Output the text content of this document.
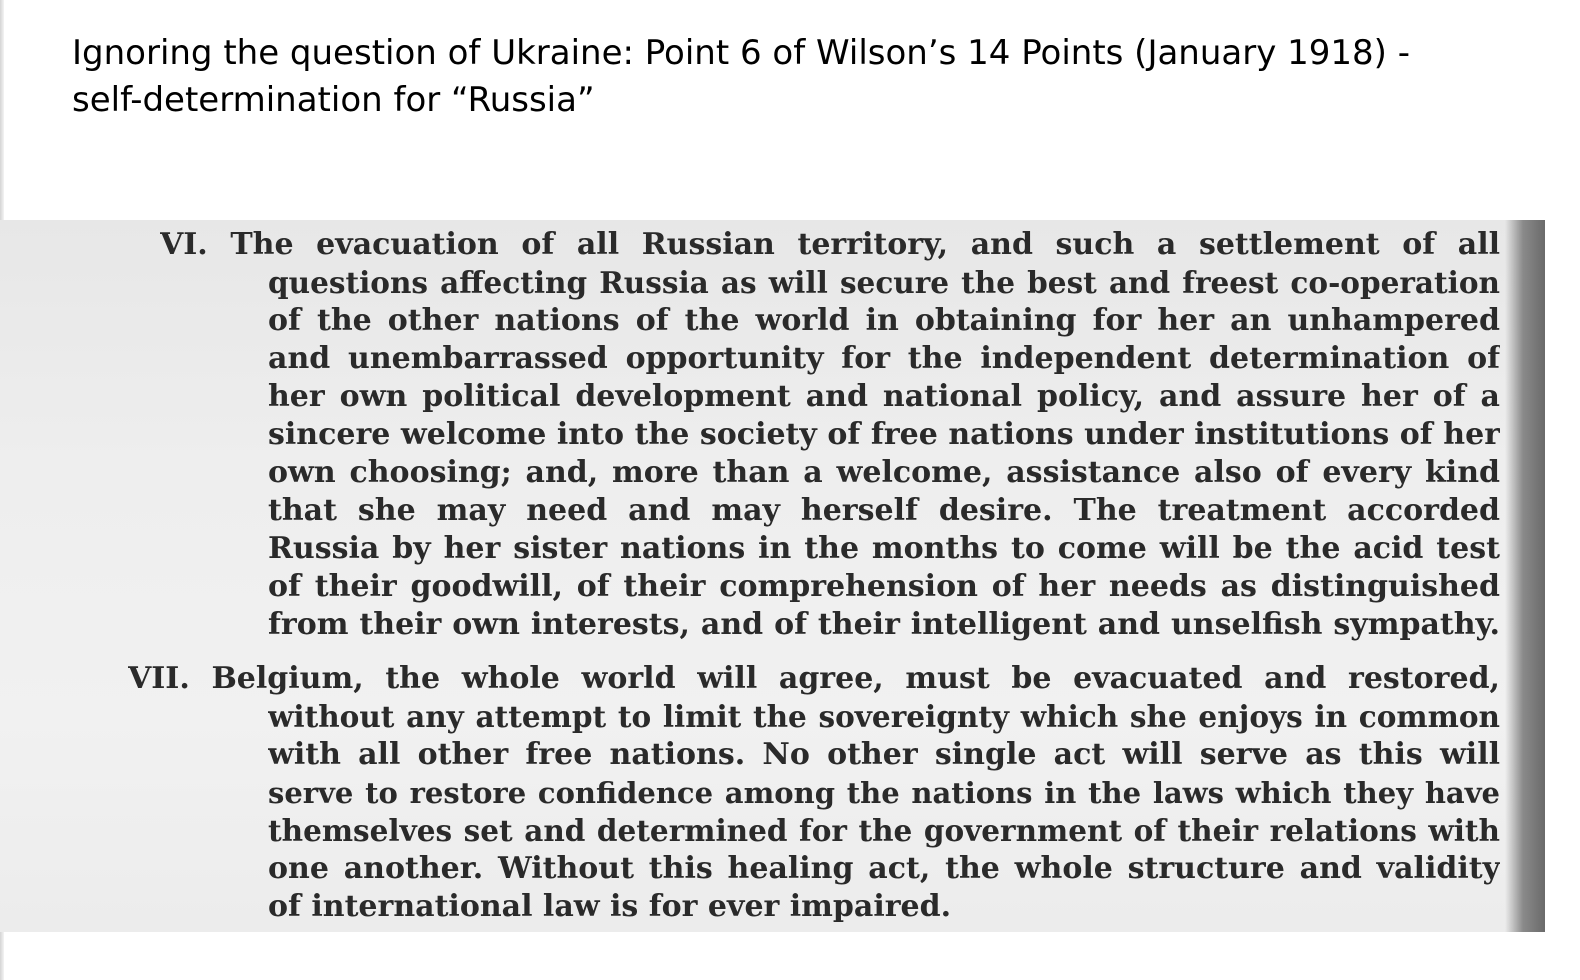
Ignoring the question of Ukraine: Point 6 of Wilson’s 14 Points (January 1918) - self-determination for “Russia”
VI. The evacuation of all Russian territory, and such a settlement of all
questions affecting Russia as will secure the best and freest co-operation
of the other nations of the world in obtaining for her an unhampered
and unembarrassed opportunity for the independent determination of
her own political development and national policy, and assure her of a
sincere welcome into the society of free nations under institutions of her
own choosing; and, more than a welcome, assistance also of every kind
that she may need and may herself desire. The treatment accorded
Russia by her sister nations in the months to come will be the acid test
of their goodwill, of their comprehension of her needs as distinguished
from their own interests, and of their intelligent and unselfish sympathy.
VII. Belgium, the whole world will agree, must be evacuated and restored,
without any attempt to limit the sovereignty which she enjoys in common
with all other free nations. No other single act will serve as this will
serve to restore confidence among the nations in the laws which they have
themselves set and determined for the government of their relations with
one another. Without this healing act, the whole structure and validity
of international law is for ever impaired.
